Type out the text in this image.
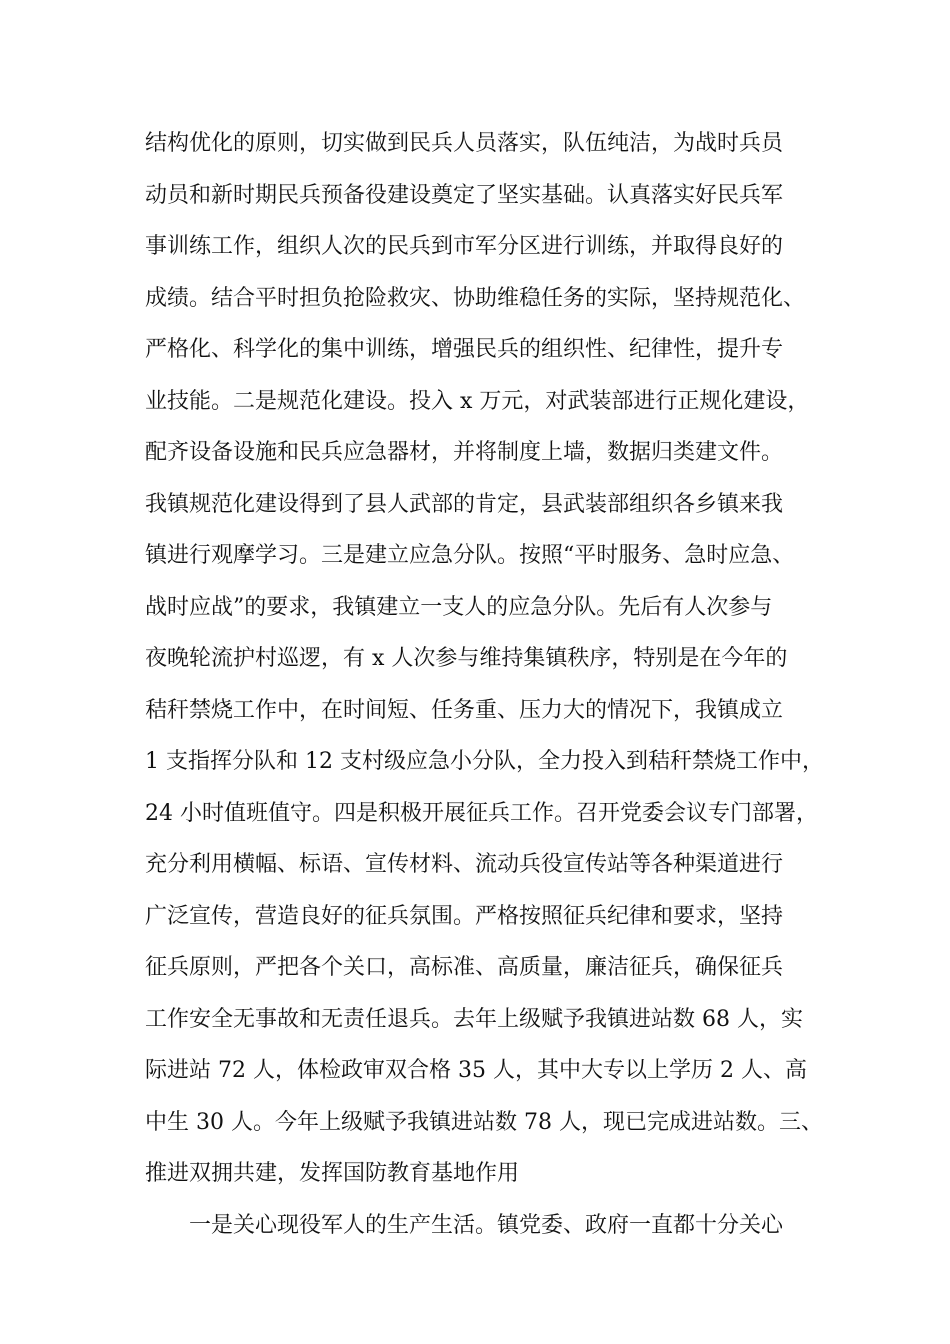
结构优化的原则，切实做到民兵人员落实，队伍纯洁，为战时兵员
动员和新时期民兵预备役建设奠定了坚实基础。认真落实好民兵军
事训练工作，组织人次的民兵到市军分区进行训练，并取得良好的
成绩。结合平时担负抢险救灾、协助维稳任务的实际，坚持规范化、
严格化、科学化的集中训练，增强民兵的组织性、纪律性，提升专
业技能。二是规范化建设。投入 x 万元，对武装部进行正规化建设，
配齐设备设施和民兵应急器材，并将制度上墙，数据归类建文件。
我镇规范化建设得到了县人武部的肯定，县武装部组织各乡镇来我
镇进行观摩学习。三是建立应急分队。按照“平时服务、急时应急、
战时应战”的要求，我镇建立一支人的应急分队。先后有人次参与
夜晚轮流护村巡逻，有 x 人次参与维持集镇秩序，特别是在今年的
秸秆禁烧工作中，在时间短、任务重、压力大的情况下，我镇成立
1 支指挥分队和 12 支村级应急小分队，全力投入到秸秆禁烧工作中，
24 小时值班值守。四是积极开展征兵工作。召开党委会议专门部署，
充分利用横幅、标语、宣传材料、流动兵役宣传站等各种渠道进行
广泛宣传，营造良好的征兵氛围。严格按照征兵纪律和要求，坚持
征兵原则，严把各个关口，高标准、高质量，廉洁征兵，确保征兵
工作安全无事故和无责任退兵。去年上级赋予我镇进站数 68 人，实
际进站 72 人，体检政审双合格 35 人，其中大专以上学历 2 人、高
中生 30 人。今年上级赋予我镇进站数 78 人，现已完成进站数。三、
推进双拥共建，发挥国防教育基地作用
一是关心现役军人的生产生活。镇党委、政府一直都十分关心
